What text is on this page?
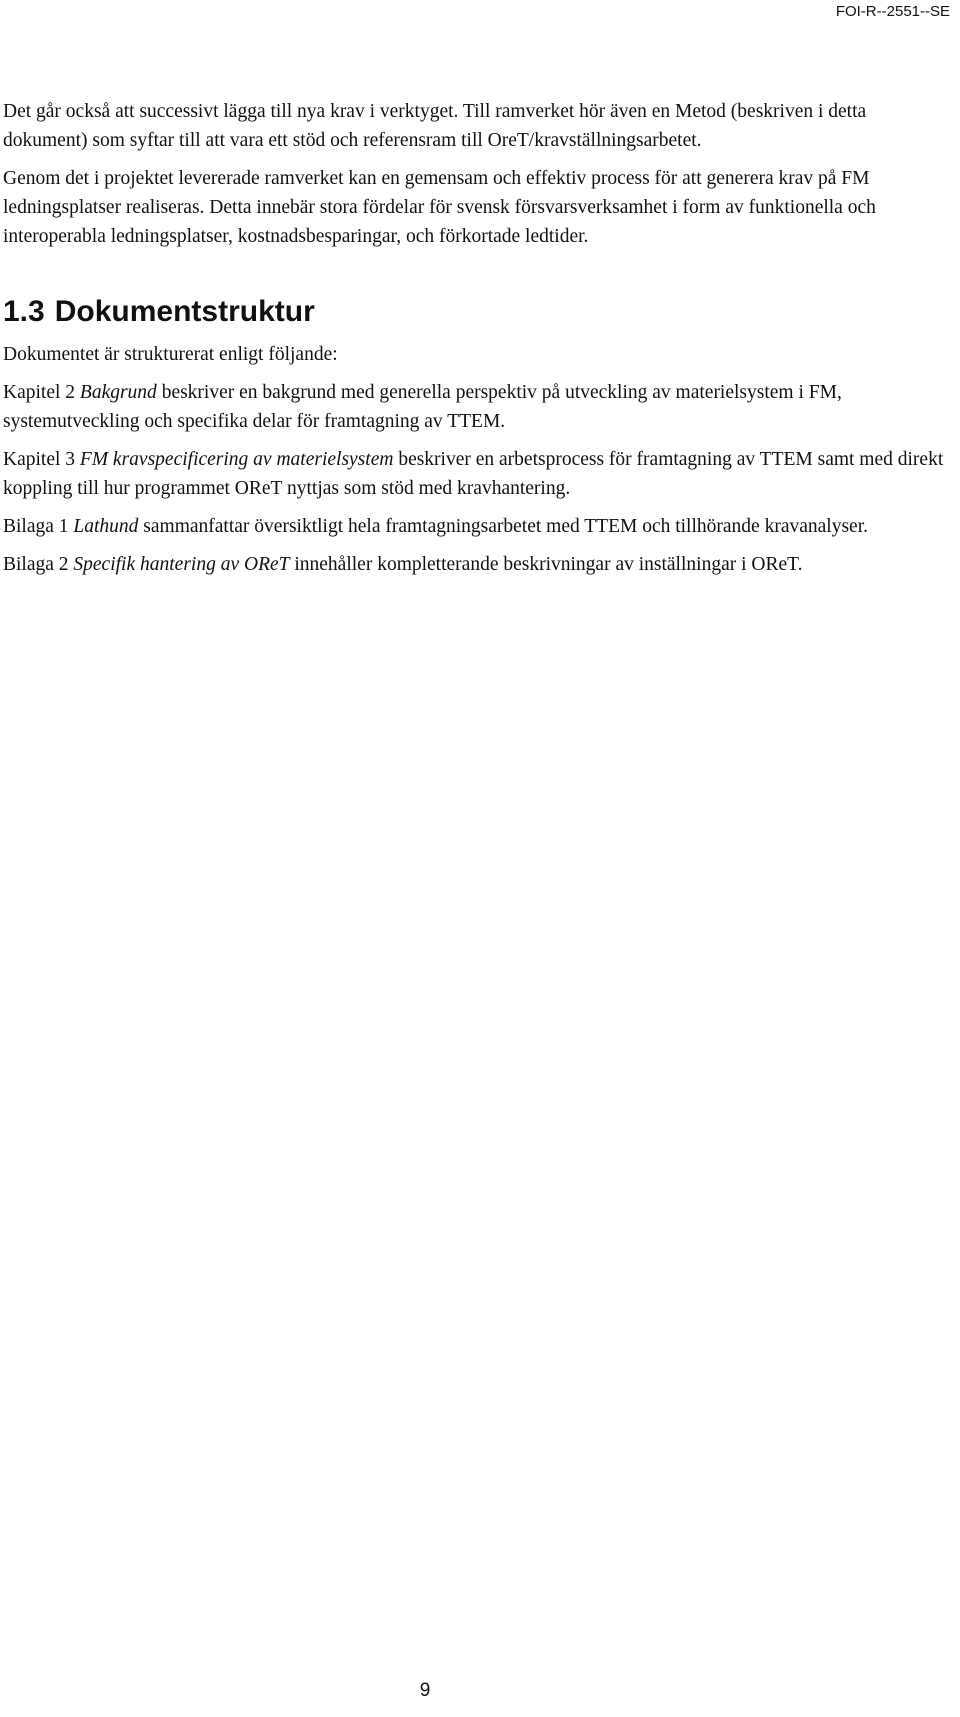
FOI-R--2551--SE

Det går också att successivt lägga till nya krav i verktyget. Till ramverket hör även en Metod (beskriven i detta dokument) som syftar till att vara ett stöd och referensram till OreT/kravställningsarbetet.

Genom det i projektet levererade ramverket kan en gemensam och effektiv process för att generera krav på FM ledningsplatser realiseras. Detta innebär stora fördelar för svensk försvarsverksamhet i form av funktionella och interoperabla ledningsplatser, kostnadsbesparingar, och förkortade ledtider.

1.3 Dokumentstruktur

Dokumentet är strukturerat enligt följande:

Kapitel 2 Bakgrund beskriver en bakgrund med generella perspektiv på utveckling av materielsystem i FM, systemutveckling och specifika delar för framtagning av TTEM.

Kapitel 3 FM kravspecificering av materielsystem beskriver en arbetsprocess för framtagning av TTEM samt med direkt koppling till hur programmet OReT nyttjas som stöd med kravhantering.

Bilaga 1 Lathund sammanfattar översiktligt hela framtagningsarbetet med TTEM och tillhörande kravanalyser.

Bilaga 2 Specifik hantering av OReT innehåller kompletterande beskrivningar av inställningar i OReT.

9
